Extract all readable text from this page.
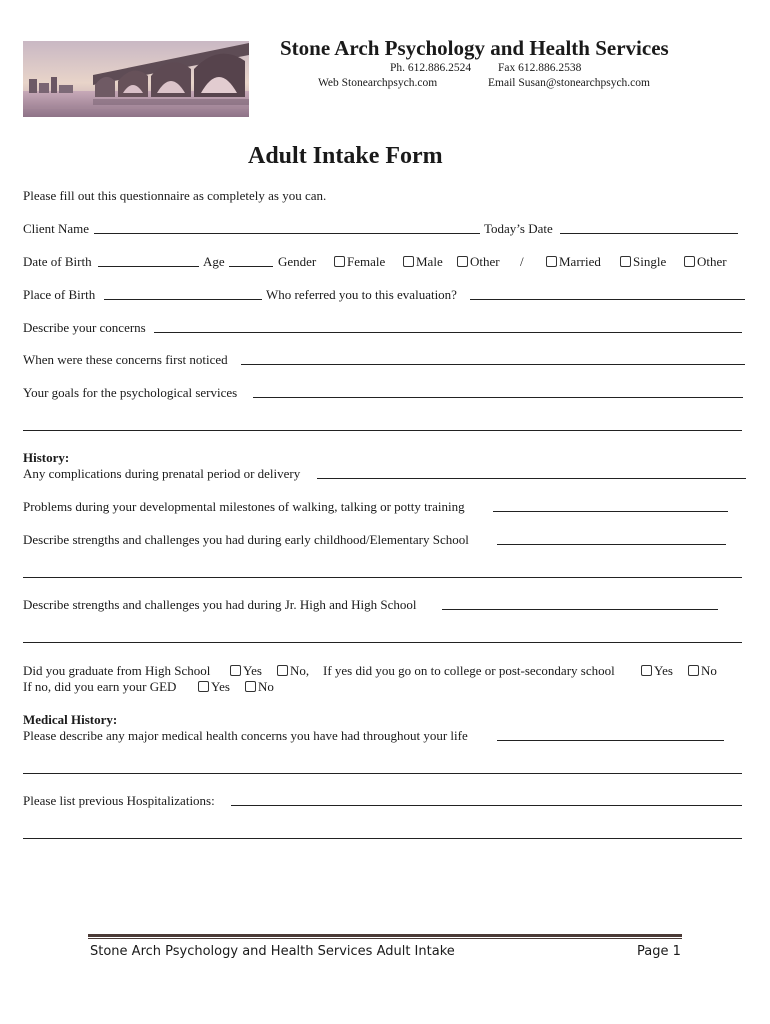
Stone Arch Psychology and Health Services
Ph. 612.886.2524 Fax 612.886.2538
Web Stonearchpsych.com	Email Susan@stonearchpsych.com
Adult Intake Form
Please fill out this questionnaire as completely as you can.
Client Name	Today’s Date
Date of Birth	Age	Gender	Female	Male	Other /	Married	Single	Other
Place of Birth	Who referred you to this evaluation?
Describe your concerns
When were these concerns first noticed
Your goals for the psychological services
History:
Any complications during prenatal period or delivery
Problems during your developmental milestones of walking, talking or potty training
Describe strengths and challenges you had during early childhood/Elementary School
Describe strengths and challenges you had during Jr. High and High School
Did you graduate from High School	Yes	No, If yes did you go on to college or post-secondary school	Yes	No
If no, did you earn your GED	Yes	No
Medical History:
Please describe any major medical health concerns you have had throughout your life
Please list previous Hospitalizations:
Stone Arch Psychology and Health Services Adult Intake	Page 1
